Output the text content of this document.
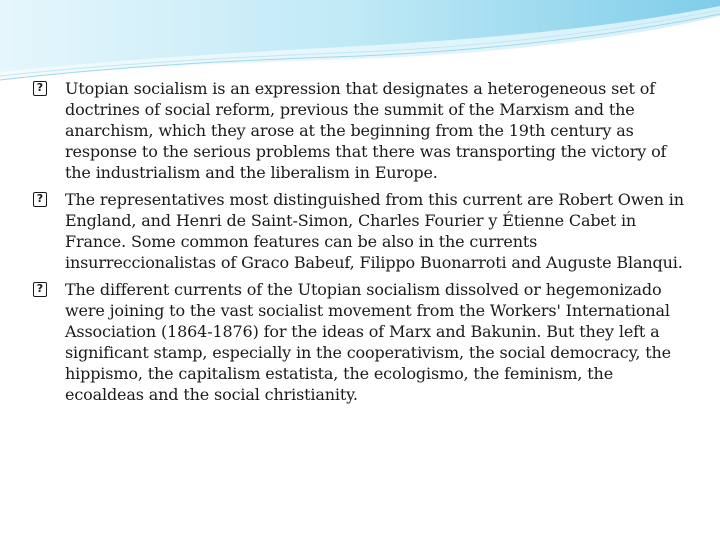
? Utopian socialism is an expression that designates a heterogeneous set of doctrines of social reform, previous the summit of the Marxism and the anarchism, which they arose at the beginning from the 19th century as response to the serious problems that there was transporting the victory of the industrialism and the liberalism in Europe.
? The representatives most distinguished from this current are Robert Owen in England, and Henri de Saint-Simon, Charles Fourier y Étienne Cabet in France. Some common features can be also in the currents insurreccionalistas of Graco Babeuf, Filippo Buonarroti and Auguste Blanqui.
? The different currents of the Utopian socialism dissolved or hegemonizado were joining to the vast socialist movement from the Workers' International Association (1864-1876) for the ideas of Marx and Bakunin. But they left a significant stamp, especially in the cooperativism, the social democracy, the hippismo, the capitalism estatista, the ecologismo, the feminism, the ecoaldeas and the social christianity.
